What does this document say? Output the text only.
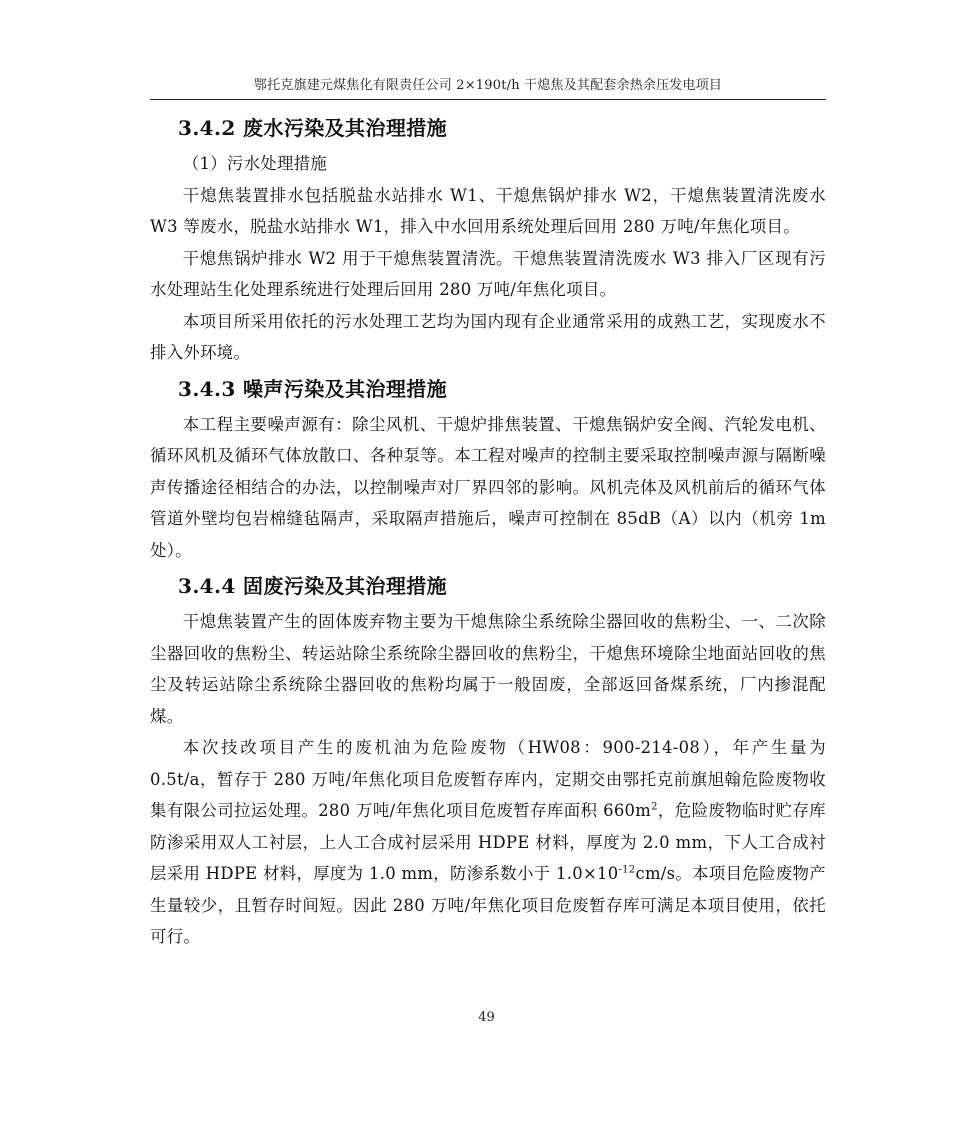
鄂托克旗建元煤焦化有限责任公司 2×190t/h 干熄焦及其配套余热余压发电项目
3.4.2 废水污染及其治理措施

（1）污水处理措施

干熄焦装置排水包括脱盐水站排水 W1、干熄焦锅炉排水 W2，干熄焦装置清洗废水 W3 等废水，脱盐水站排水 W1，排入中水回用系统处理后回用 280 万吨/年焦化项目。

干熄焦锅炉排水 W2 用于干熄焦装置清洗。干熄焦装置清洗废水 W3 排入厂区现有污水处理站生化处理系统进行处理后回用 280 万吨/年焦化项目。

本项目所采用依托的污水处理工艺均为国内现有企业通常采用的成熟工艺，实现废水不排入外环境。

3.4.3 噪声污染及其治理措施

本工程主要噪声源有：除尘风机、干熄炉排焦装置、干熄焦锅炉安全阀、汽轮发电机、循环风机及循环气体放散口、各种泵等。本工程对噪声的控制主要采取控制噪声源与隔断噪声传播途径相结合的办法，以控制噪声对厂界四邻的影响。风机壳体及风机前后的循环气体管道外壁均包岩棉缝毡隔声，采取隔声措施后，噪声可控制在 85dB（A）以内（机旁 1m 处）。

3.4.4 固废污染及其治理措施

干熄焦装置产生的固体废弃物主要为干熄焦除尘系统除尘器回收的焦粉尘、一、二次除尘器回收的焦粉尘、转运站除尘系统除尘器回收的焦粉尘，干熄焦环境除尘地面站回收的焦尘及转运站除尘系统除尘器回收的焦粉均属于一般固废，全部返回备煤系统，厂内掺混配煤。

本次技改项目产生的废机油为危险废物（HW08：900-214-08），年产生量为 0.5t/a，暂存于 280 万吨/年焦化项目危废暂存库内，定期交由鄂托克前旗旭翰危险废物收集有限公司拉运处理。280 万吨/年焦化项目危废暂存库面积 $660m^2$，危险废物临时贮存库防渗采用双人工衬层，上人工合成衬层采用 HDPE 材料，厚度为 2.0 mm，下人工合成衬层采用 HDPE 材料，厚度为 1.0 mm，防渗系数小于 $1.0\times 10^{-12}cm/s$。本项目危险废物产生量较少，且暂存时间短。因此 280 万吨/年焦化项目危废暂存库可满足本项目使用，依托可行。

49
